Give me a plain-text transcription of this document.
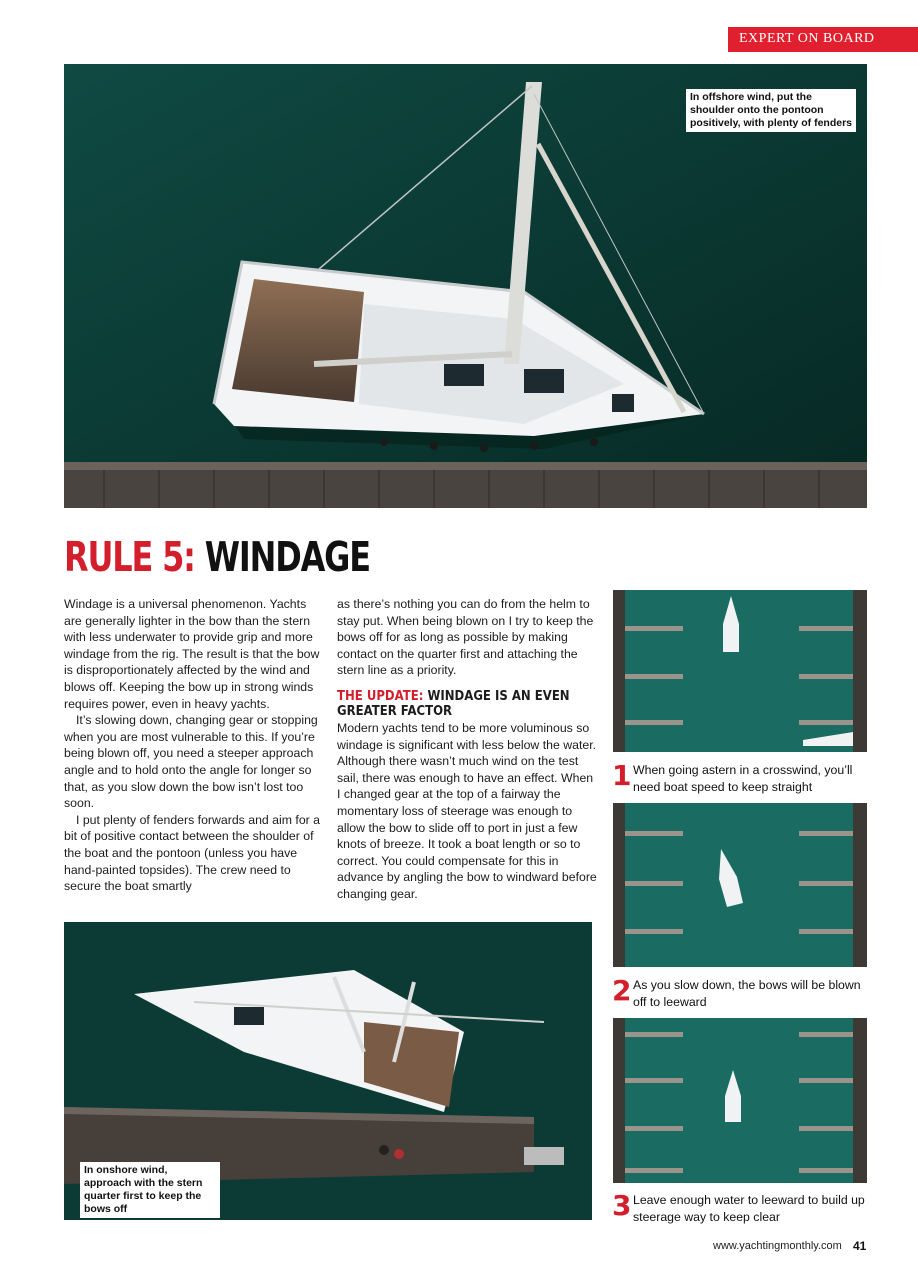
EXPERT ON BOARD
In offshore wind, put the shoulder onto the pontoon positively, with plenty of fenders
RULE 5: WINDAGE

Windage is a universal phenomenon. Yachts are generally lighter in the bow than the stern with less underwater to provide grip and more windage from the rig. The result is that the bow is disproportionately affected by the wind and blows off. Keeping the bow up in strong winds requires power, even in heavy yachts.

It’s slowing down, changing gear or stopping when you are most vulnerable to this. If you’re being blown off, you need a steeper approach angle and to hold onto the angle for longer so that, as you slow down the bow isn’t lost too soon.

I put plenty of fenders forwards and aim for a bit of positive contact between the shoulder of the boat and the pontoon (unless you have hand-painted topsides). The crew need to secure the boat smartly

as there’s nothing you can do from the helm to stay put. When being blown on I try to keep the bows off for as long as possible by making contact on the quarter first and attaching the stern line as a priority.

THE UPDATE: WINDAGE IS AN EVEN GREATER FACTOR

Modern yachts tend to be more voluminous so windage is significant with less below the water. Although there wasn’t much wind on the test sail, there was enough to have an effect. When I changed gear at the top of a fairway the momentary loss of steerage was enough to allow the bow to slide off to port in just a few knots of breeze. It took a boat length or so to correct. You could compensate for this in advance by angling the bow to windward before changing gear.

In onshore wind, approach with the stern quarter first to keep the bows off
1 When going astern in a crosswind, you’ll need boat speed to keep straight
2 As you slow down, the bows will be blown off to leeward
3 Leave enough water to leeward to build up steerage way to keep clear
www.yachtingmonthly.com 41
